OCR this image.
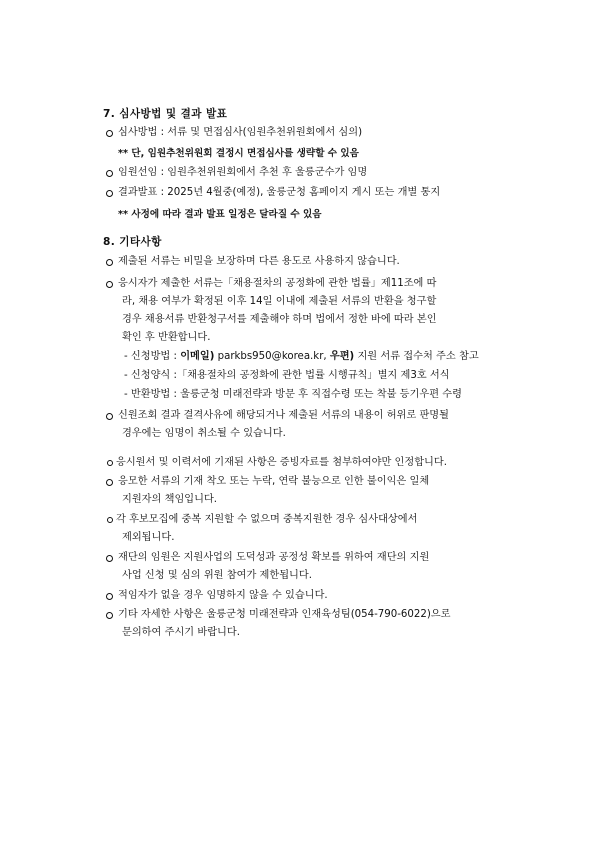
7. 심사방법 및 결과 발표
심사방법 : 서류 및 면접심사(임원추천위원회에서 심의)
** 단, 임원추천위원회 결정시 면접심사를 생략할 수 있음
임원선임 : 임원추천위원회에서 추천 후 울릉군수가 임명
결과발표 : 2025년 4월중(예정), 울릉군청 홈페이지 게시 또는 개별 통지
** 사정에 따라 결과 발표 일정은 달라질 수 있음
8. 기타사항
제출된 서류는 비밀을 보장하며 다른 용도로 사용하지 않습니다.
응시자가 제출한 서류는「채용절차의 공정화에 관한 법률」제11조에 따
라, 채용 여부가 확정된 이후 14일 이내에 제출된 서류의 반환을 청구할
경우 채용서류 반환청구서를 제출해야 하며 법에서 정한 바에 따라 본인
확인 후 반환합니다.
- 신청방법 : 이메일) parkbs950@korea.kr, 우편) 지원 서류 접수처 주소 참고
- 신청양식 :「채용절차의 공정화에 관한 법률 시행규칙」별지 제3호 서식
- 반환방법 : 울릉군청 미래전략과 방문 후 직접수령 또는 착불 등기우편 수령
신원조회 결과 결격사유에 해당되거나 제출된 서류의 내용이 허위로 판명될
경우에는 임명이 취소될 수 있습니다.
응시원서 및 이력서에 기재된 사항은 증빙자료를 첨부하여야만 인정합니다.
응모한 서류의 기재 착오 또는 누락, 연락 불능으로 인한 불이익은 일체
지원자의 책임입니다.
각 후보모집에 중복 지원할 수 없으며 중복지원한 경우 심사대상에서
제외됩니다.
재단의 임원은 지원사업의 도덕성과 공정성 확보를 위하여 재단의 지원
사업 신청 및 심의 위원 참여가 제한됩니다.
적임자가 없을 경우 임명하지 않을 수 있습니다.
기타 자세한 사항은 울릉군청 미래전략과 인재육성팀(054-790-6022)으로
문의하여 주시기 바랍니다.
